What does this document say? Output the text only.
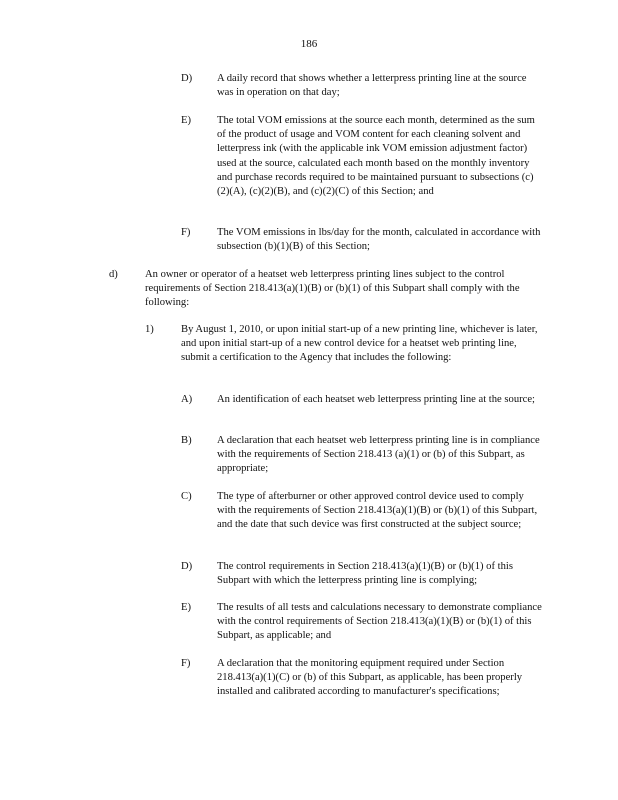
186
D) A daily record that shows whether a letterpress printing line at the source was in operation on that day;
E) The total VOM emissions at the source each month, determined as the sum of the product of usage and VOM content for each cleaning solvent and letterpress ink (with the applicable ink VOM emission adjustment factor) used at the source, calculated each month based on the monthly inventory and purchase records required to be maintained pursuant to subsections (c)(2)(A), (c)(2)(B), and (c)(2)(C) of this Section; and
F)	The VOM emissions in lbs/day for the month, calculated in accordance with subsection (b)(1)(B) of this Section;
d)	An owner or operator of a heatset web letterpress printing lines subject to the control requirements of Section 218.413(a)(1)(B) or (b)(1) of this Subpart shall comply with the following:
1)	By August 1, 2010, or upon initial start-up of a new printing line, whichever is later, and upon initial start-up of a new control device for a heatset web printing line, submit a certification to the Agency that includes the following:
A) An identification of each heatset web letterpress printing line at the source;
B) A declaration that each heatset web letterpress printing line is in compliance with the requirements of Section 218.413 (a)(1) or (b) of this Subpart, as appropriate;
C) The type of afterburner or other approved control device used to comply with the requirements of Section 218.413(a)(1)(B) or (b)(1) of this Subpart, and the date that such device was first constructed at the subject source;
D) The control requirements in Section 218.413(a)(1)(B) or (b)(1) of this Subpart with which the letterpress printing line is complying;
E) The results of all tests and calculations necessary to demonstrate compliance with the control requirements of Section 218.413(a)(1)(B) or (b)(1) of this Subpart, as applicable; and
F)	A declaration that the monitoring equipment required under Section 218.413(a)(1)(C) or (b) of this Subpart, as applicable, has been properly installed and calibrated according to manufacturer's specifications;
